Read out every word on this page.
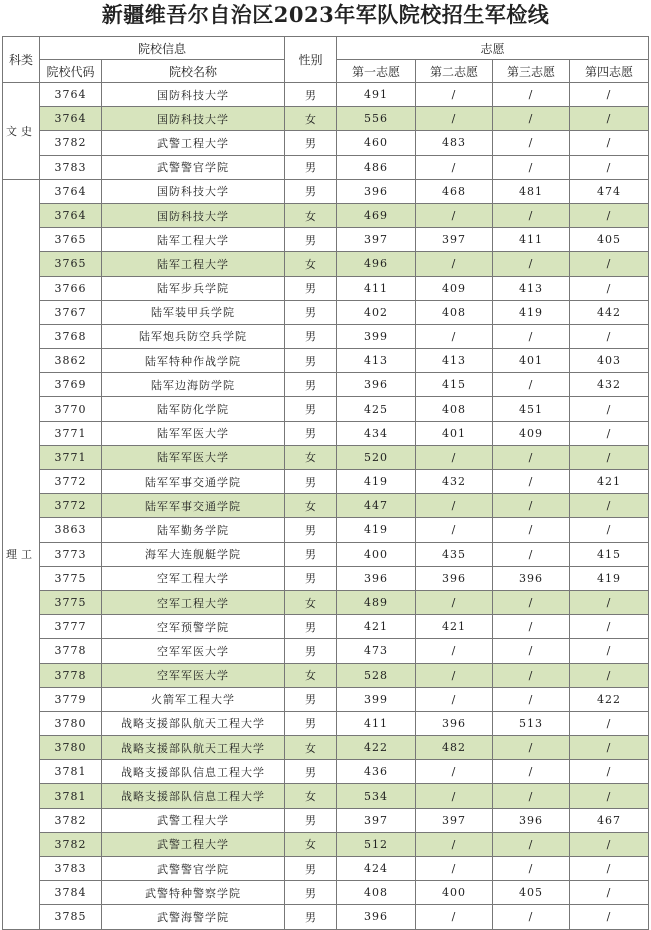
新疆维吾尔自治区2023年军队院校招生军检线
科类	院校信息		性别	志愿			
	院校代码	院校名称		第一志愿	第二志愿	第三志愿	第四志愿
文史	3764	国防科技大学	男	491	/	/	/
	3764	国防科技大学	女	556	/	/	/
	3782	武警工程大学	男	460	483	/	/
	3783	武警警官学院	男	486	/	/	/
理工	3764	国防科技大学	男	396	468	481	474
	3764	国防科技大学	女	469	/	/	/
	3765	陆军工程大学	男	397	397	411	405
	3765	陆军工程大学	女	496	/	/	/
	3766	陆军步兵学院	男	411	409	413	/
	3767	陆军装甲兵学院	男	402	408	419	442
	3768	陆军炮兵防空兵学院	男	399	/	/	/
	3862	陆军特种作战学院	男	413	413	401	403
	3769	陆军边海防学院	男	396	415	/	432
	3770	陆军防化学院	男	425	408	451	/
	3771	陆军军医大学	男	434	401	409	/
	3771	陆军军医大学	女	520	/	/	/
	3772	陆军军事交通学院	男	419	432	/	421
	3772	陆军军事交通学院	女	447	/	/	/
	3863	陆军勤务学院	男	419	/	/	/
	3773	海军大连舰艇学院	男	400	435	/	415
	3775	空军工程大学	男	396	396	396	419
	3775	空军工程大学	女	489	/	/	/
	3777	空军预警学院	男	421	421	/	/
	3778	空军军医大学	男	473	/	/	/
	3778	空军军医大学	女	528	/	/	/
	3779	火箭军工程大学	男	399	/	/	422
	3780	战略支援部队航天工程大学	男	411	396	513	/
	3780	战略支援部队航天工程大学	女	422	482	/	/
	3781	战略支援部队信息工程大学	男	436	/	/	/
	3781	战略支援部队信息工程大学	女	534	/	/	/
	3782	武警工程大学	男	397	397	396	467
	3782	武警工程大学	女	512	/	/	/
	3783	武警警官学院	男	424	/	/	/
	3784	武警特种警察学院	男	408	400	405	/
	3785	武警海警学院	男	396	/	/	/
